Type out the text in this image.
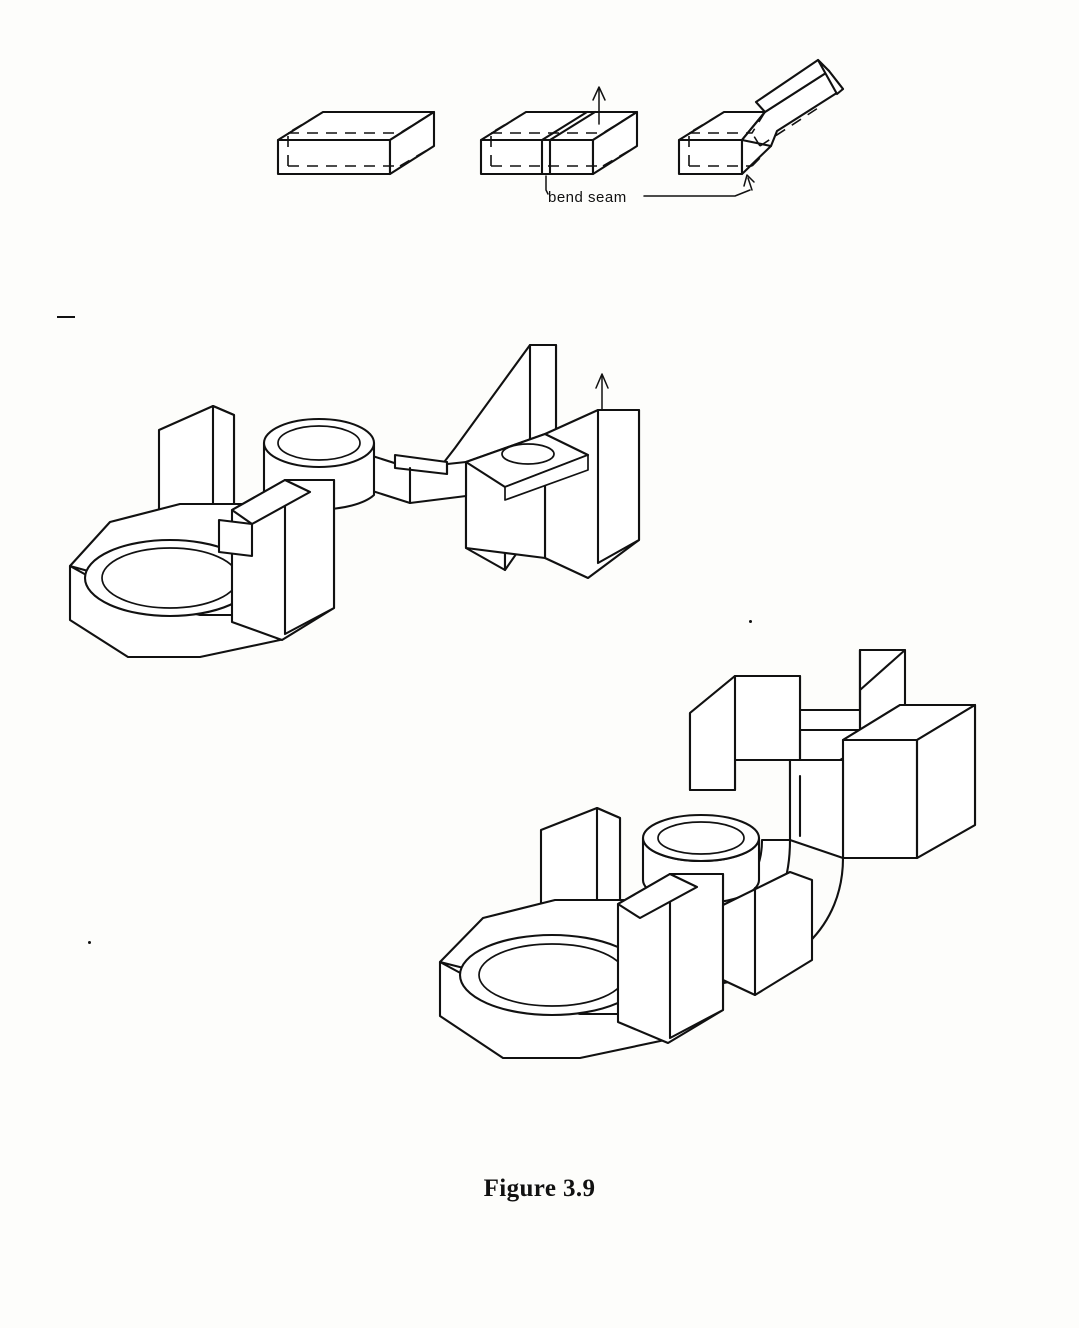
bend seam
Figure 3.9
